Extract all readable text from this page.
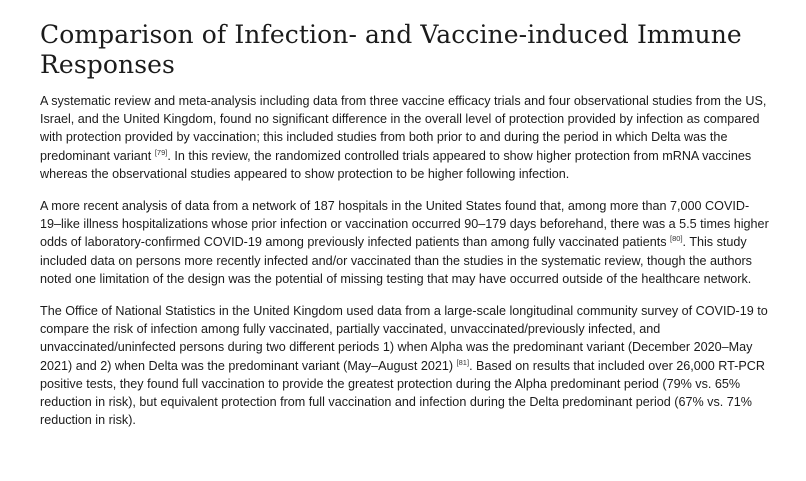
Comparison of Infection- and Vaccine-induced Immune Responses

A systematic review and meta-analysis including data from three vaccine efficacy trials and four observational studies from the US, Israel, and the United Kingdom, found no significant difference in the overall level of protection provided by infection as compared with protection provided by vaccination; this included studies from both prior to and during the period in which Delta was the predominant variant [79]. In this review, the randomized controlled trials appeared to show higher protection from mRNA vaccines whereas the observational studies appeared to show protection to be higher following infection.

A more recent analysis of data from a network of 187 hospitals in the United States found that, among more than 7,000 COVID-19–like illness hospitalizations whose prior infection or vaccination occurred 90–179 days beforehand, there was a 5.5 times higher odds of laboratory-confirmed COVID-19 among previously infected patients than among fully vaccinated patients [80]. This study included data on persons more recently infected and/or vaccinated than the studies in the systematic review, though the authors noted one limitation of the design was the potential of missing testing that may have occurred outside of the healthcare network.

The Office of National Statistics in the United Kingdom used data from a large-scale longitudinal community survey of COVID-19 to compare the risk of infection among fully vaccinated, partially vaccinated, unvaccinated/previously infected, and unvaccinated/uninfected persons during two different periods 1) when Alpha was the predominant variant (December 2020–May 2021) and 2) when Delta was the predominant variant (May–August 2021) [81]. Based on results that included over 26,000 RT-PCR positive tests, they found full vaccination to provide the greatest protection during the Alpha predominant period (79% vs. 65% reduction in risk), but equivalent protection from full vaccination and infection during the Delta predominant period (67% vs. 71% reduction in risk).
